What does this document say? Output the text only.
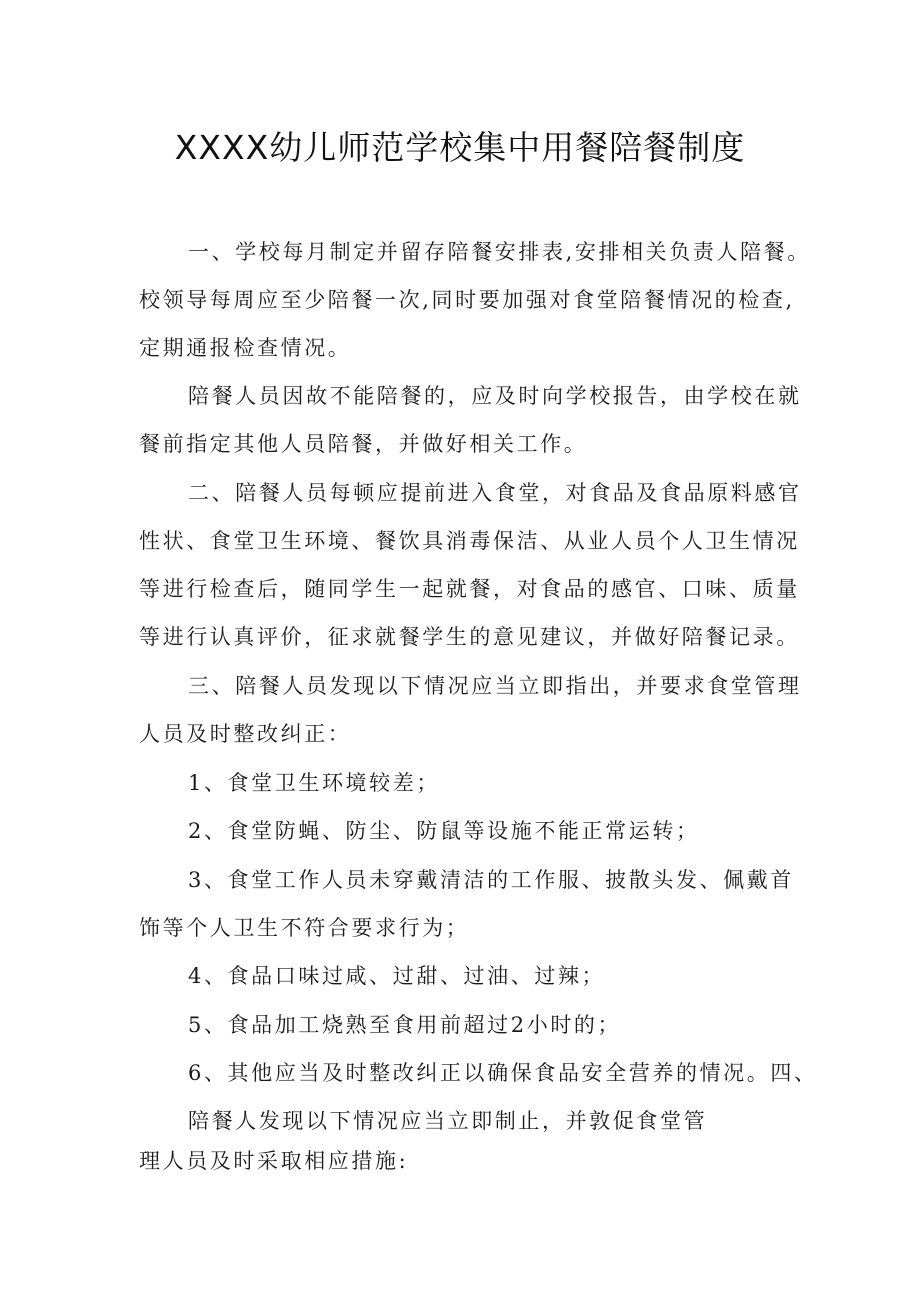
XXXX幼儿师范学校集中用餐陪餐制度
一、学校每月制定并留存陪餐安排表,安排相关负责人陪餐。
校领导每周应至少陪餐一次,同时要加强对食堂陪餐情况的检查,
定期通报检查情况。
陪餐人员因故不能陪餐的，应及时向学校报告，由学校在就
餐前指定其他人员陪餐，并做好相关工作。
二、陪餐人员每顿应提前进入食堂，对食品及食品原料感官
性状、食堂卫生环境、餐饮具消毒保洁、从业人员个人卫生情况
等进行检查后，随同学生一起就餐，对食品的感官、口味、质量
等进行认真评价，征求就餐学生的意见建议，并做好陪餐记录。
三、陪餐人员发现以下情况应当立即指出，并要求食堂管理
人员及时整改纠正：
1、食堂卫生环境较差；
2、食堂防蝇、防尘、防鼠等设施不能正常运转；
3、食堂工作人员未穿戴清洁的工作服、披散头发、佩戴首
饰等个人卫生不符合要求行为；
4、食品口味过咸、过甜、过油、过辣；
5、食品加工烧熟至食用前超过2小时的；
6、其他应当及时整改纠正以确保食品安全营养的情况。四、
陪餐人发现以下情况应当立即制止，并敦促食堂管
理人员及时采取相应措施:
